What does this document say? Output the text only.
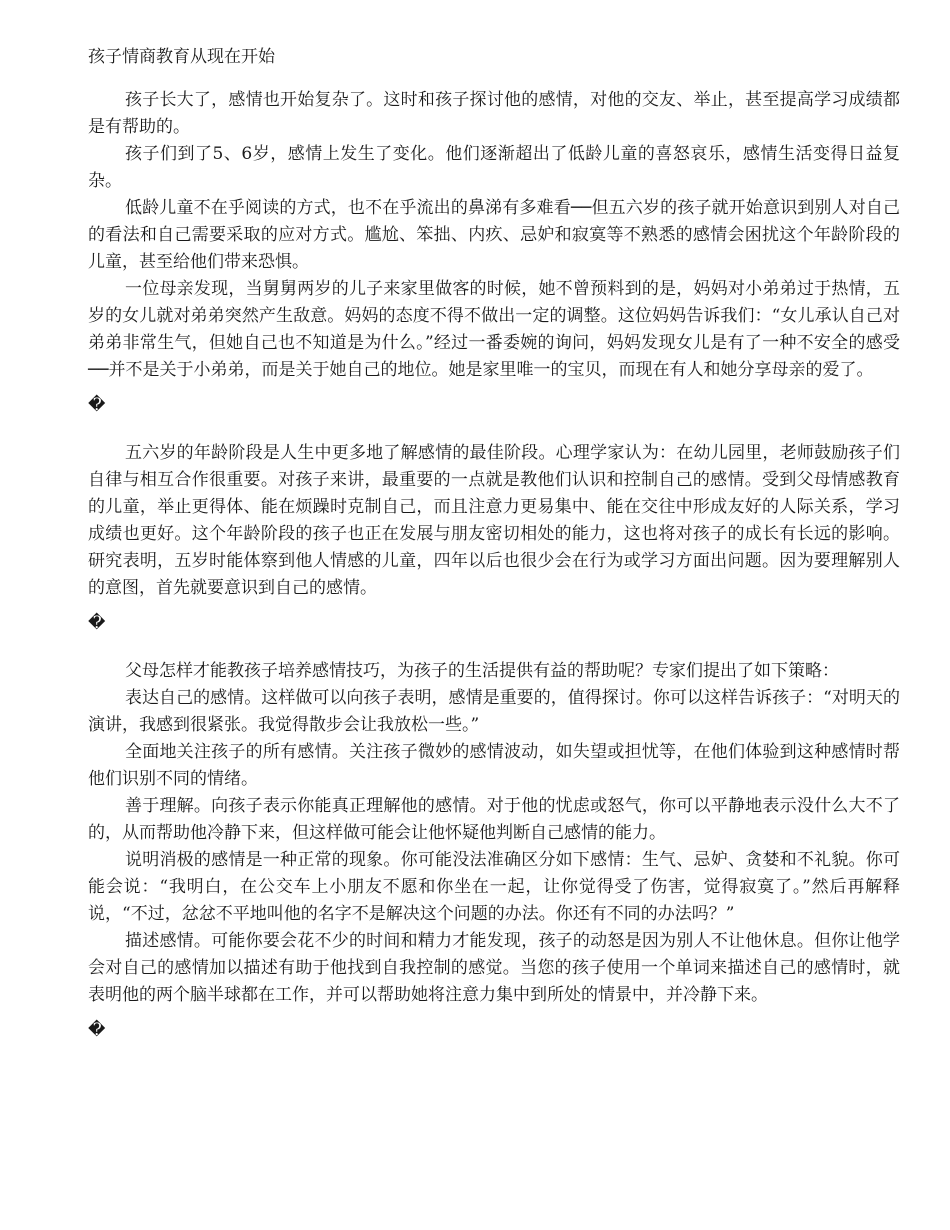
孩子情商教育从现在开始

孩子长大了，感情也开始复杂了。这时和孩子探讨他的感情，对他的交友、举止，甚至提高学习成绩都是有帮助的。

孩子们到了5、6岁，感情上发生了变化。他们逐渐超出了低龄儿童的喜怒哀乐，感情生活变得日益复杂。

低龄儿童不在乎阅读的方式，也不在乎流出的鼻涕有多难看──但五六岁的孩子就开始意识到别人对自己的看法和自己需要采取的应对方式。尴尬、笨拙、内疚、忌妒和寂寞等不熟悉的感情会困扰这个年龄阶段的儿童，甚至给他们带来恐惧。

一位母亲发现，当舅舅两岁的儿子来家里做客的时候，她不曾预料到的是，妈妈对小弟弟过于热情，五岁的女儿就对弟弟突然产生敌意。妈妈的态度不得不做出一定的调整。这位妈妈告诉我们：“女儿承认自己对弟弟非常生气，但她自己也不知道是为什么。”经过一番委婉的询问，妈妈发现女儿是有了一种不安全的感受──并不是关于小弟弟，而是关于她自己的地位。她是家里唯一的宝贝，而现在有人和她分享母亲的爱了。

�

五六岁的年龄阶段是人生中更多地了解感情的最佳阶段。心理学家认为：在幼儿园里，老师鼓励孩子们自律与相互合作很重要。对孩子来讲，最重要的一点就是教他们认识和控制自己的感情。受到父母情感教育的儿童，举止更得体、能在烦躁时克制自己，而且注意力更易集中、能在交往中形成友好的人际关系，学习成绩也更好。这个年龄阶段的孩子也正在发展与朋友密切相处的能力，这也将对孩子的成长有长远的影响。研究表明，五岁时能体察到他人情感的儿童，四年以后也很少会在行为或学习方面出问题。因为要理解别人的意图，首先就要意识到自己的感情。

�

父母怎样才能教孩子培养感情技巧，为孩子的生活提供有益的帮助呢？专家们提出了如下策略：

表达自己的感情。这样做可以向孩子表明，感情是重要的，值得探讨。你可以这样告诉孩子：“对明天的演讲，我感到很紧张。我觉得散步会让我放松一些。”

全面地关注孩子的所有感情。关注孩子微妙的感情波动，如失望或担忧等，在他们体验到这种感情时帮他们识别不同的情绪。

善于理解。向孩子表示你能真正理解他的感情。对于他的忧虑或怒气，你可以平静地表示没什么大不了的，从而帮助他冷静下来，但这样做可能会让他怀疑他判断自己感情的能力。

说明消极的感情是一种正常的现象。你可能没法准确区分如下感情：生气、忌妒、贪婪和不礼貌。你可能会说：“我明白，在公交车上小朋友不愿和你坐在一起，让你觉得受了伤害，觉得寂寞了。”然后再解释说，“不过，忿忿不平地叫他的名字不是解决这个问题的办法。你还有不同的办法吗？”

描述感情。可能你要会花不少的时间和精力才能发现，孩子的动怒是因为别人不让他休息。但你让他学会对自己的感情加以描述有助于他找到自我控制的感觉。当您的孩子使用一个单词来描述自己的感情时，就表明他的两个脑半球都在工作，并可以帮助她将注意力集中到所处的情景中，并冷静下来。

�
